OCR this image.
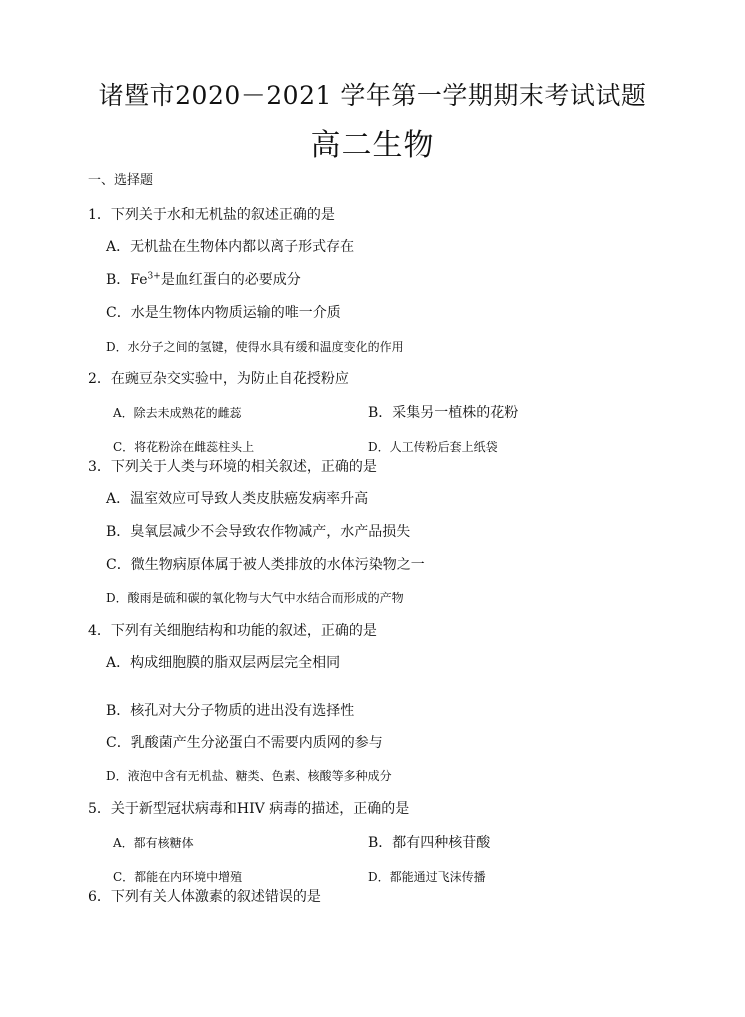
诸暨市2020－2021 学年第一学期期末考试试题
高二生物
一、选择题
1．下列关于水和无机盐的叙述正确的是
A．无机盐在生物体内都以离子形式存在
B．$Fe^{3+}$是血红蛋白的必要成分
C．水是生物体内物质运输的唯一介质
D．水分子之间的氢键，使得水具有缓和温度变化的作用
2．在豌豆杂交实验中，为防止自花授粉应
A．除去未成熟花的雌蕊	B．采集另一植株的花粉
C．将花粉涂在雌蕊柱头上	D．人工传粉后套上纸袋
3．下列关于人类与环境的相关叙述，正确的是
A．温室效应可导致人类皮肤癌发病率升高
B．臭氧层减少不会导致农作物减产，水产品损失
C．微生物病原体属于被人类排放的水体污染物之一
D．酸雨是硫和碳的氧化物与大气中水结合而形成的产物
4．下列有关细胞结构和功能的叙述，正确的是
A．构成细胞膜的脂双层两层完全相同
B．核孔对大分子物质的进出没有选择性
C．乳酸菌产生分泌蛋白不需要内质网的参与
D．液泡中含有无机盐、糖类、色素、核酸等多种成分
5．关于新型冠状病毒和HIV 病毒的描述，正确的是
A．都有核糖体	B．都有四种核苷酸
C．都能在内环境中增殖	D．都能通过飞沫传播
6．下列有关人体激素的叙述错误的是
